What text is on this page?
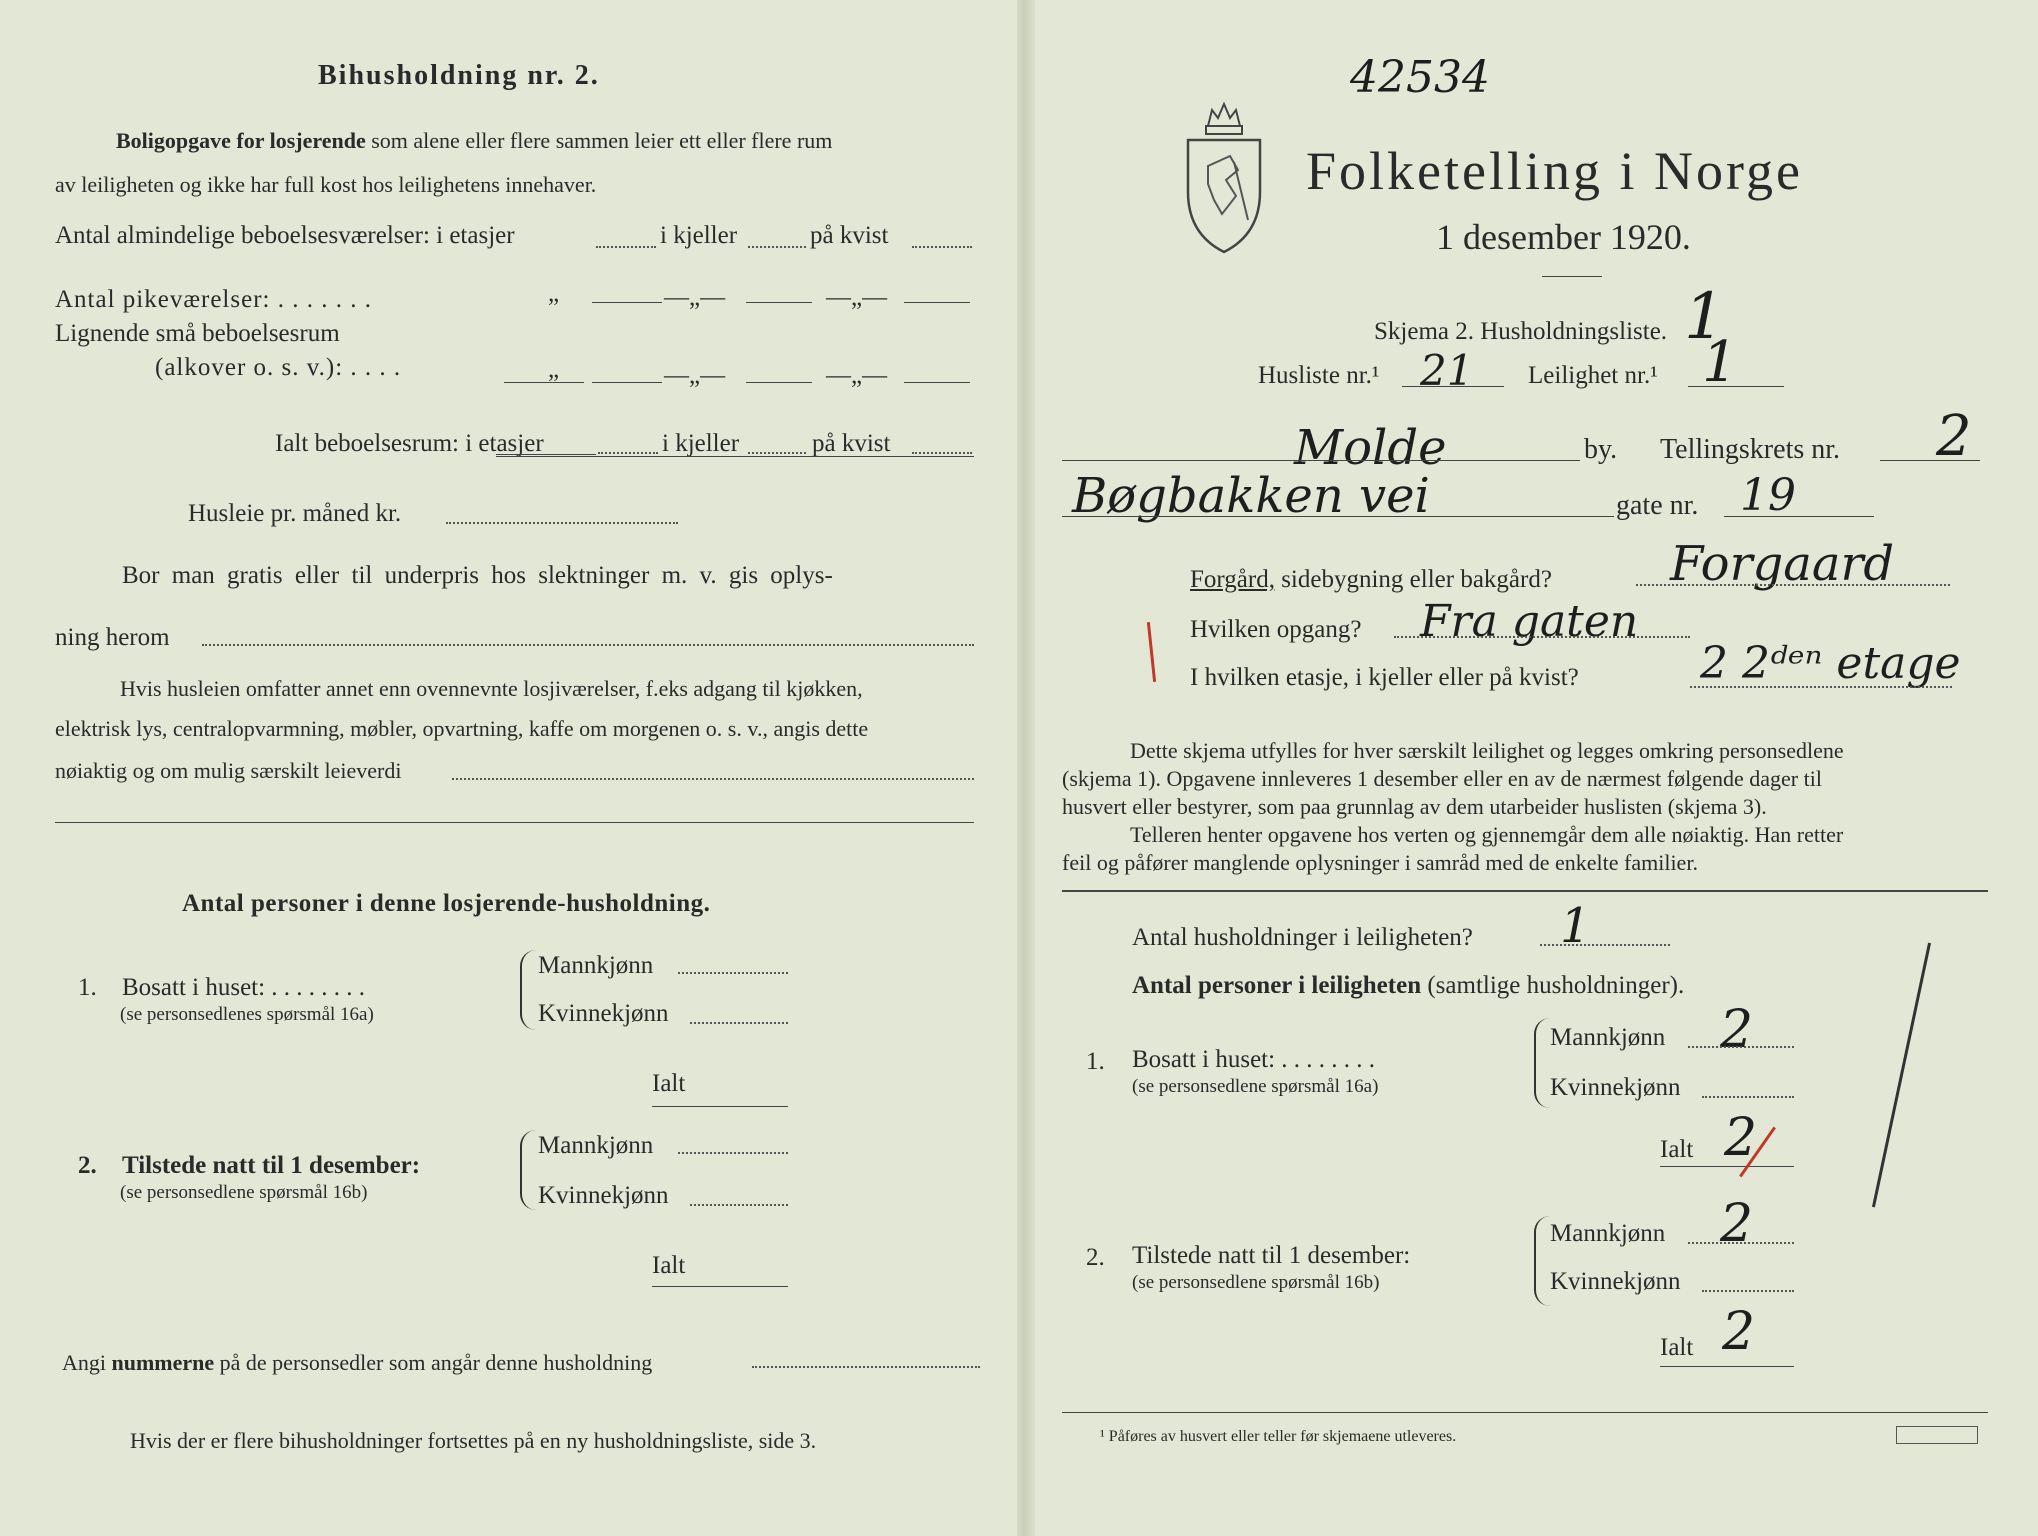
Bihusholdning nr. 2.
Boligopgave for losjerende som alene eller flere sammen leier ett eller flere rum
av leiligheten og ikke har full kost hos leilighetens innehaver.
Antal almindelige beboelsesværelser: i etasjer	i kjeller	på kvist
Antal pikeværelser: . . . . . . .	„	—„—	—„—
Lignende små beboelsesrum
(alkover o. s. v.): . . . .	„	—„—	—„—
Ialt beboelsesrum: i etasjer	i kjeller	på kvist
Husleie pr. måned kr.
Bor man gratis eller til underpris hos slektninger m. v. gis oplys-
ning herom
Hvis husleien omfatter annet enn ovennevnte losjiværelser, f.eks adgang til kjøkken,
elektrisk lys, centralopvarmning, møbler, opvartning, kaffe om morgenen o. s. v., angis dette
nøiaktig og om mulig særskilt leieverdi
Antal personer i denne losjerende-husholdning.
1. Bosatt i huset: . . . . . . . .
(se personsedlenes spørsmål 16a)
Mannkjønn
Kvinnekjønn
Ialt
2. Tilstede natt til 1 desember:
(se personsedlene spørsmål 16b)
Mannkjønn
Kvinnekjønn
Ialt
Angi nummerne på de personsedler som angår denne husholdning
Hvis der er flere bihusholdninger fortsettes på en ny husholdningsliste, side 3.
42534
Folketelling i Norge
1 desember 1920.
Skjema 2. Husholdningsliste. 1
Husliste nr.¹ 21 Leilighet nr.¹ 1
Molde	by. Tellingskrets nr. 2
Bøgbakken vei	gate nr. 19
Forgård, sidebygning eller bakgård? Forgaard
Hvilken opgang? Fra gaten
I hvilken etasje, i kjeller eller på kvist?	2 2ᵈᵉⁿ etage
Dette skjema utfylles for hver særskilt leilighet og legges omkring personsedlene
(skjema 1). Opgavene innleveres 1 desember eller en av de nærmest følgende dager til
husvert eller bestyrer, som paa grunnlag av dem utarbeider huslisten (skjema 3).
Telleren henter opgavene hos verten og gjennemgår dem alle nøiaktig. Han retter
feil og påfører manglende oplysninger i samråd med de enkelte familier.
Antal husholdninger i leiligheten? 1
Antal personer i leiligheten (samtlige husholdninger).
1. Bosatt i huset: . . . . . . . .
(se personsedlene spørsmål 16a)
Mannkjønn 2
Kvinnekjønn
Ialt 2
2. Tilstede natt til 1 desember:
(se personsedlene spørsmål 16b)
Mannkjønn 2
Kvinnekjønn
Ialt 2
¹ Påføres av husvert eller teller før skjemaene utleveres.
